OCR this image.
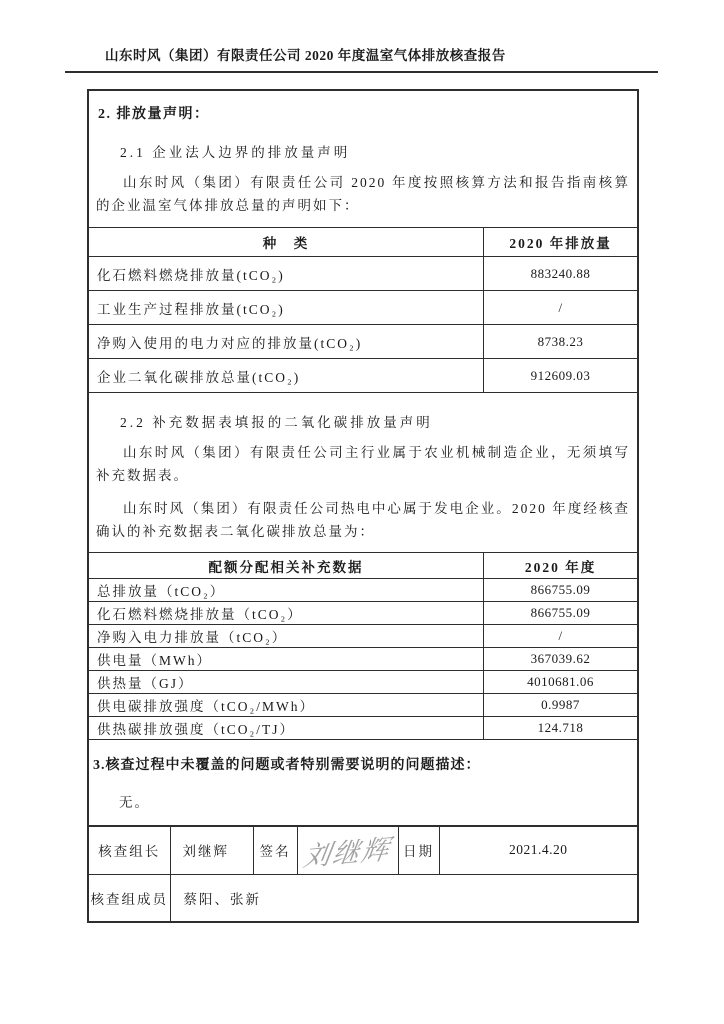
山东时风（集团）有限责任公司 2020 年度温室气体排放核查报告
2. 排放量声明：
2.1 企业法人边界的排放量声明

山东时风（集团）有限责任公司 2020 年度按照核算方法和报告指南核算的企业温室气体排放总量的声明如下：

种　类	2020 年排放量
化石燃料燃烧排放量(tCO₂)	883240.88
工业生产过程排放量(tCO₂)	/
净购入使用的电力对应的排放量(tCO₂)	8738.23
企业二氧化碳排放总量(tCO₂)	912609.03
2.2 补充数据表填报的二氧化碳排放量声明

山东时风（集团）有限责任公司主行业属于农业机械制造企业，无须填写补充数据表。

山东时风（集团）有限责任公司热电中心属于发电企业。2020 年度经核查确认的补充数据表二氧化碳排放总量为：

配额分配相关补充数据	2020 年度
总排放量（tCO₂）	866755.09
化石燃料燃烧排放量（tCO₂）	866755.09
净购入电力排放量（tCO₂）	/
供电量（MWh）	367039.62
供热量（GJ）	4010681.06
供电碳排放强度（tCO₂/MWh）	0.9987
供热碳排放强度（tCO₂/TJ）	124.718
3.核查过程中未覆盖的问题或者特别需要说明的问题描述：

无。

核查组长	刘继辉	签名	刘继辉	日期	2021.4.20
核查组成员	蔡阳、张新				
